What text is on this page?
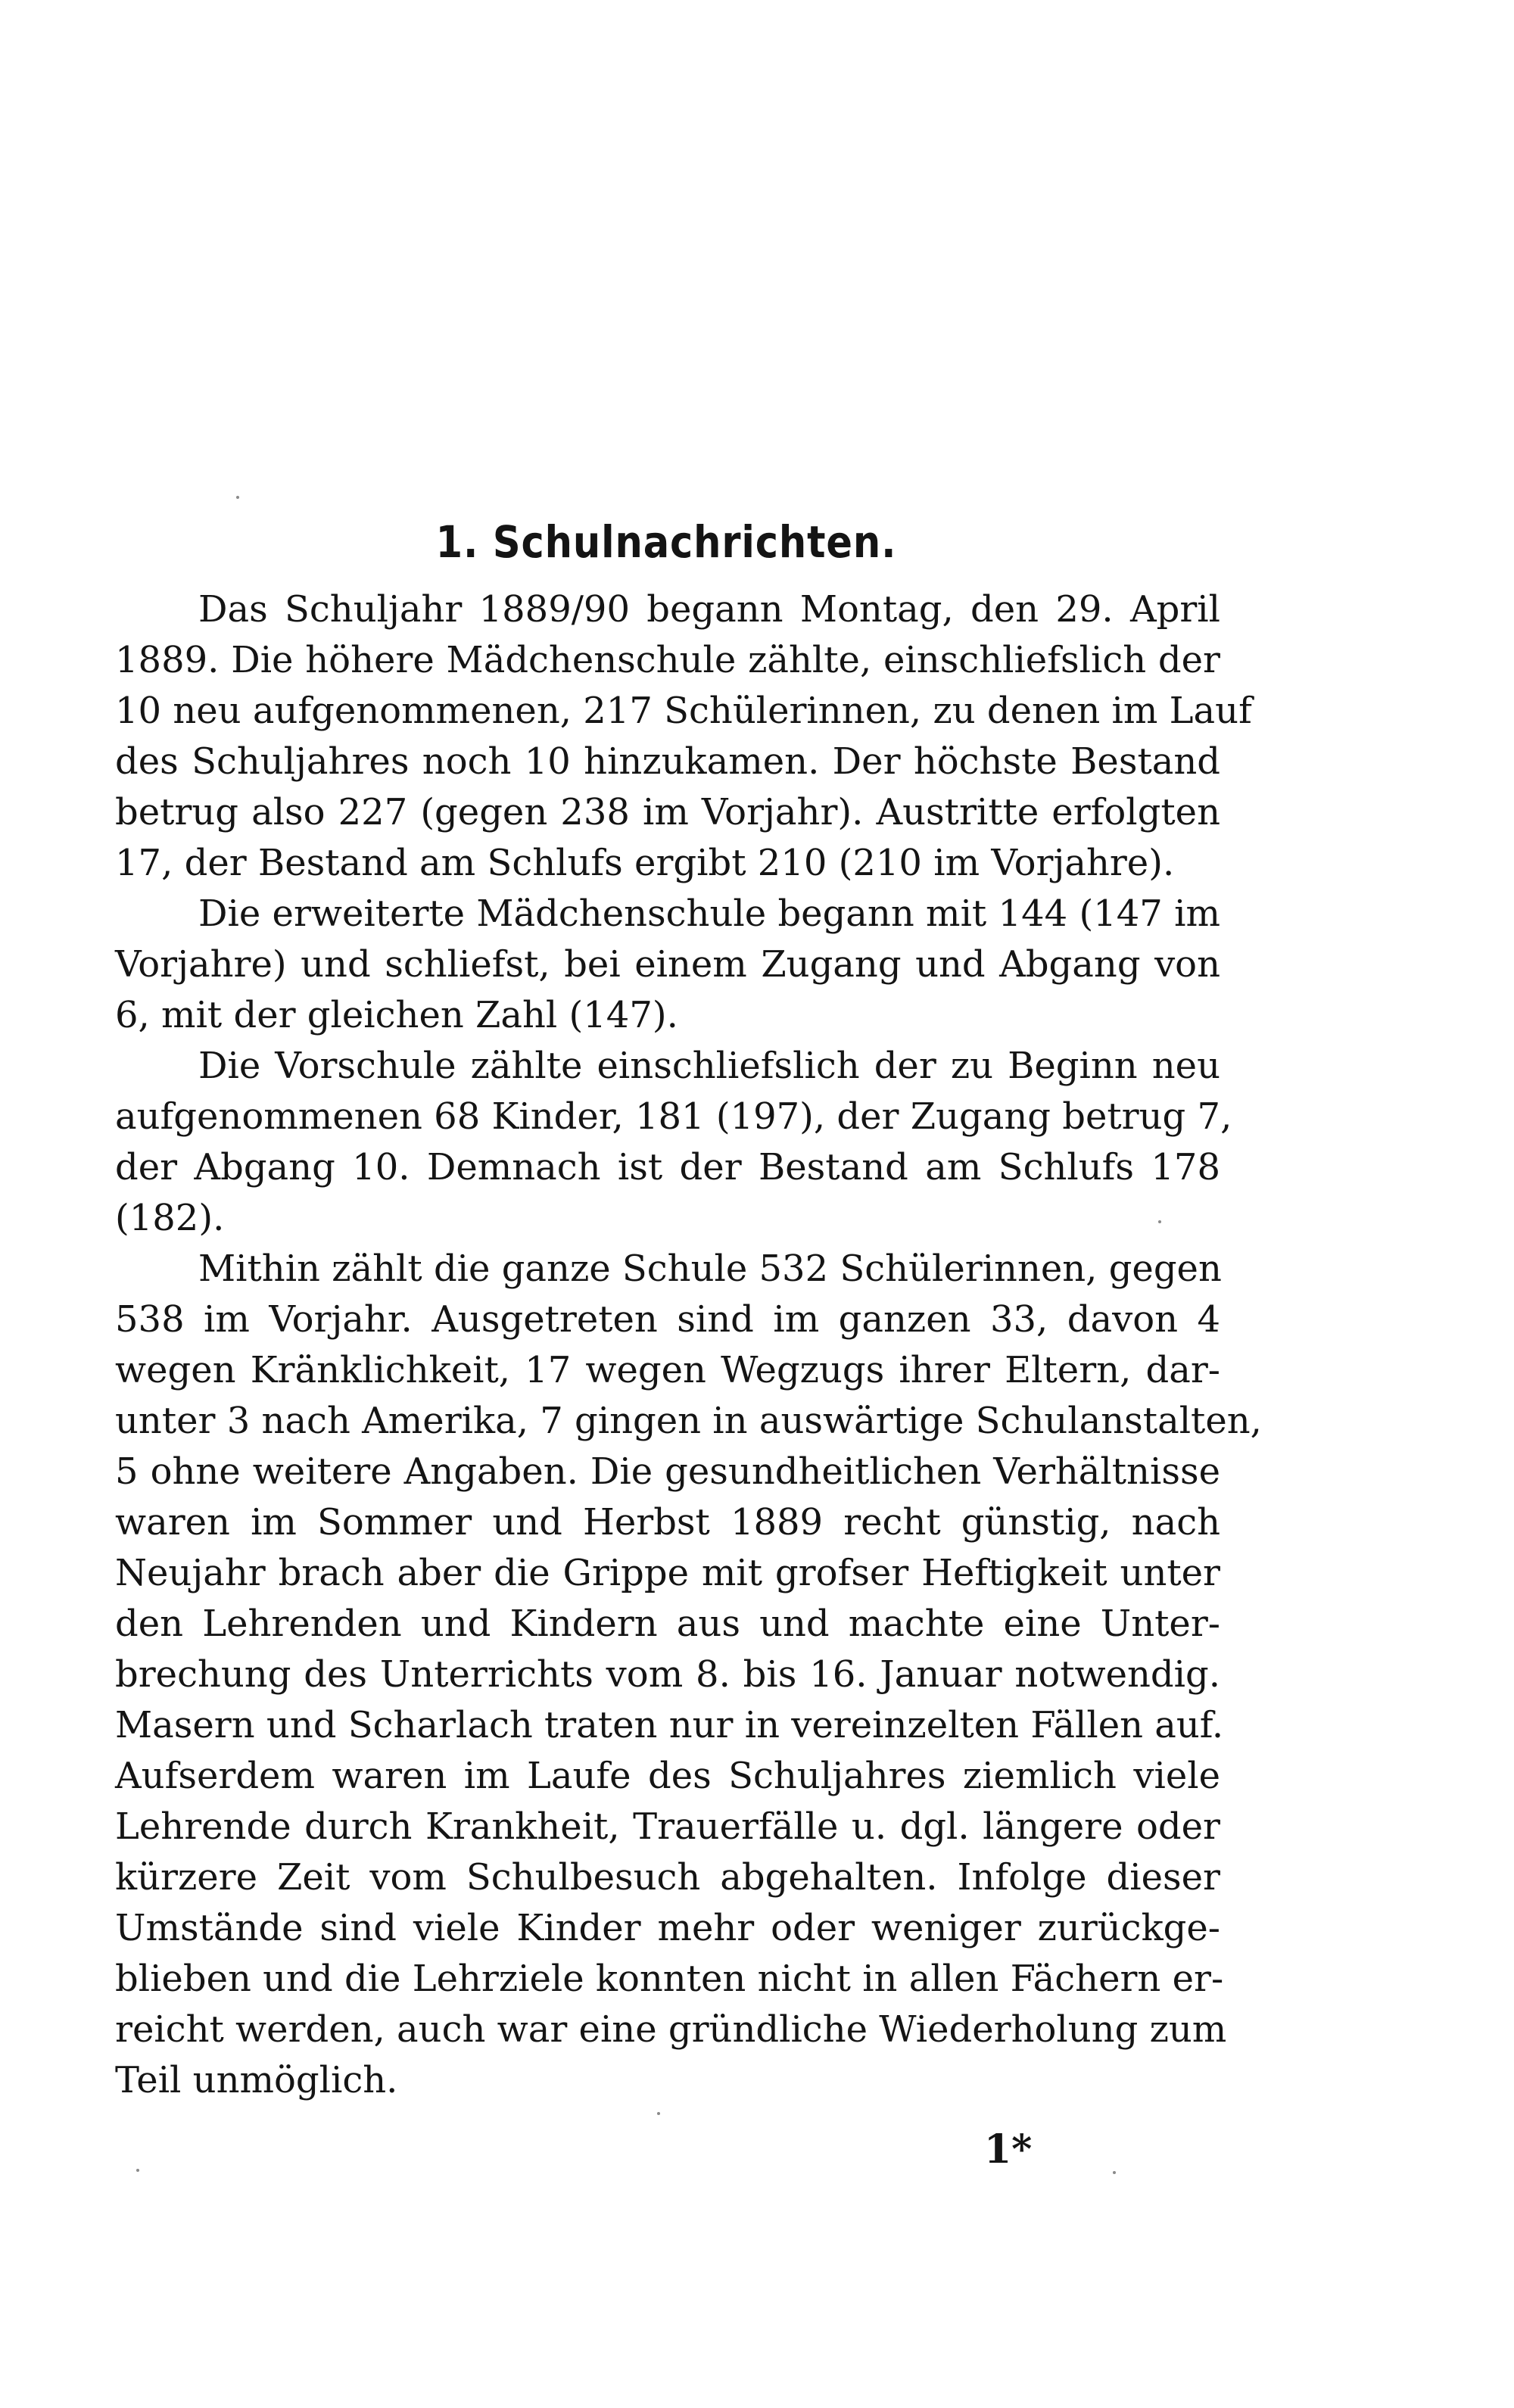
1. Schulnachrichten.
Das Schuljahr 1889/90 begann Montag, den 29. April
1889. Die höhere Mädchenschule zählte, einschliefslich der
10 neu aufgenommenen, 217 Schülerinnen, zu denen im Lauf
des Schuljahres noch 10 hinzukamen. Der höchste Bestand
betrug also 227 (gegen 238 im Vorjahr). Austritte erfolgten
17, der Bestand am Schlufs ergibt 210 (210 im Vorjahre).
Die erweiterte Mädchenschule begann mit 144 (147 im
Vorjahre) und schliefst, bei einem Zugang und Abgang von
6, mit der gleichen Zahl (147).
Die Vorschule zählte einschliefslich der zu Beginn neu
aufgenommenen 68 Kinder, 181 (197), der Zugang betrug 7,
der Abgang 10. Demnach ist der Bestand am Schlufs 178
(182).
Mithin zählt die ganze Schule 532 Schülerinnen, gegen
538 im Vorjahr. Ausgetreten sind im ganzen 33, davon 4
wegen Kränklichkeit, 17 wegen Wegzugs ihrer Eltern, dar-
unter 3 nach Amerika, 7 gingen in auswärtige Schulanstalten,
5 ohne weitere Angaben. Die gesundheitlichen Verhältnisse
waren im Sommer und Herbst 1889 recht günstig, nach
Neujahr brach aber die Grippe mit grofser Heftigkeit unter
den Lehrenden und Kindern aus und machte eine Unter-
brechung des Unterrichts vom 8. bis 16. Januar notwendig.
Masern und Scharlach traten nur in vereinzelten Fällen auf.
Aufserdem waren im Laufe des Schuljahres ziemlich viele
Lehrende durch Krankheit, Trauerfälle u. dgl. längere oder
kürzere Zeit vom Schulbesuch abgehalten. Infolge dieser
Umstände sind viele Kinder mehr oder weniger zurückge-
blieben und die Lehrziele konnten nicht in allen Fächern er-
reicht werden, auch war eine gründliche Wiederholung zum
Teil unmöglich.
1*
